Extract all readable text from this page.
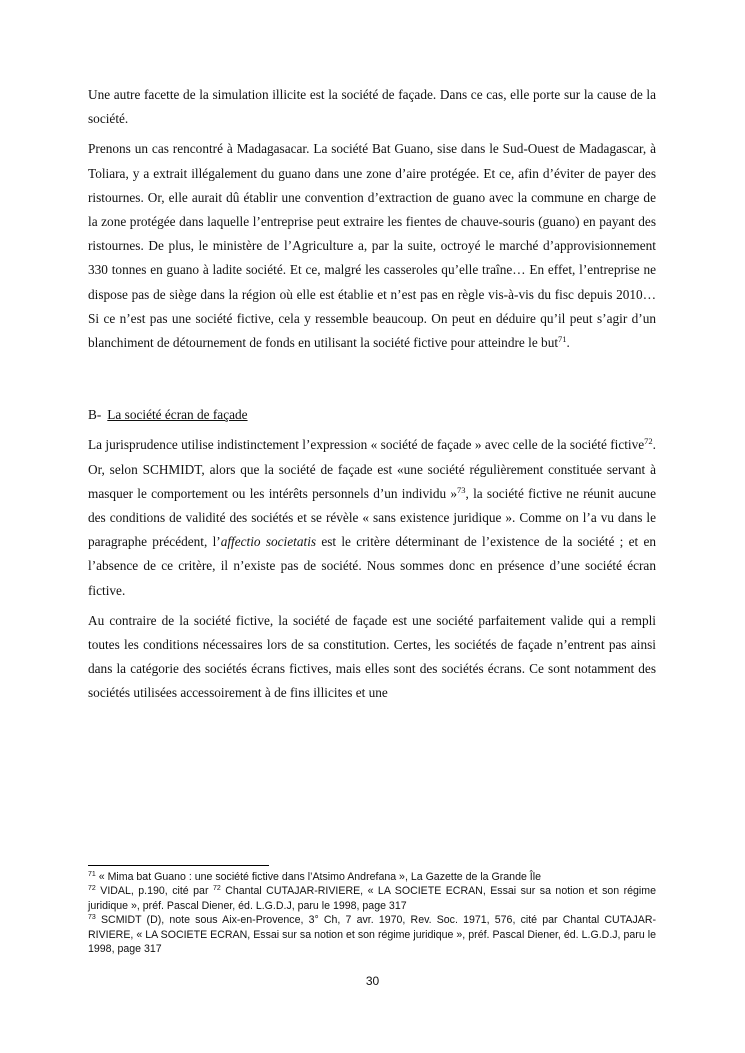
Une autre facette de la simulation illicite est la société de façade. Dans ce cas, elle porte sur la cause de la société.

Prenons un cas rencontré à Madagasacar. La société Bat Guano, sise dans le Sud-Ouest de Madagascar, à Toliara, y a extrait illégalement du guano dans une zone d’aire protégée. Et ce, afin d’éviter de payer des ristournes. Or, elle aurait dû établir une convention d’extraction de guano avec la commune en charge de la zone protégée dans laquelle l’entreprise peut extraire les fientes de chauve-souris (guano) en payant des ristournes. De plus, le ministère de l’Agriculture a, par la suite, octroyé le marché d’approvisionnement 330 tonnes en guano à ladite société. Et ce, malgré les casseroles qu’elle traîne… En effet, l’entreprise ne dispose pas de siège dans la région où elle est établie et n’est pas en règle vis-à-vis du fisc depuis 2010… Si ce n’est pas une société fictive, cela y ressemble beaucoup. On peut en déduire qu’il peut s’agir d’un blanchiment de détournement de fonds en utilisant la société fictive pour atteindre le but$^{71}$.

B- La société écran de façade

La jurisprudence utilise indistinctement l’expression « société de façade » avec celle de la société fictive$^{72}$. Or, selon SCHMIDT, alors que la société de façade est «une société régulièrement constituée servant à masquer le comportement ou les intérêts personnels d’un individu »$^{73}$, la société fictive ne réunit aucune des conditions de validité des sociétés et se révèle « sans existence juridique ». Comme on l’a vu dans le paragraphe précédent, l’affectio societatis est le critère déterminant de l’existence de la société ; et en l’absence de ce critère, il n’existe pas de société. Nous sommes donc en présence d’une société écran fictive.

Au contraire de la société fictive, la société de façade est une société parfaitement valide qui a rempli toutes les conditions nécessaires lors de sa constitution. Certes, les sociétés de façade n’entrent pas ainsi dans la catégorie des sociétés écrans fictives, mais elles sont des sociétés écrans. Ce sont notamment des sociétés utilisées accessoirement à de fins illicites et une

$^{71}$ « Mima bat Guano : une société fictive dans l’Atsimo Andrefana », La Gazette de la Grande Île

$^{72}$ VIDAL, p.190, cité par $^{72}$ Chantal CUTAJAR-RIVIERE, « LA SOCIETE ECRAN, Essai sur sa notion et son régime juridique », préf. Pascal Diener, éd. L.G.D.J, paru le 1998, page 317

$^{73}$ SCMIDT (D), note sous Aix-en-Provence, 3° Ch, 7 avr. 1970, Rev. Soc. 1971, 576, cité par Chantal CUTAJAR-RIVIERE, « LA SOCIETE ECRAN, Essai sur sa notion et son régime juridique », préf. Pascal Diener, éd. L.G.D.J, paru le 1998, page 317

30
